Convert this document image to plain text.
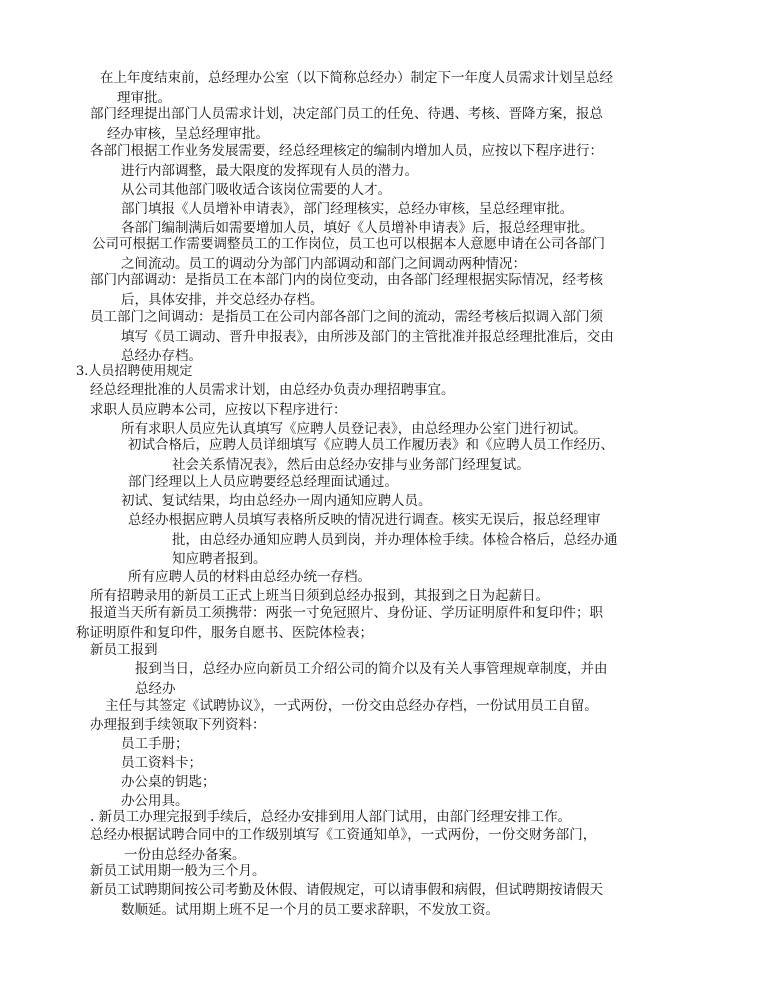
在上年度结束前，总经理办公室（以下简称总经办）制定下一年度人员需求计划呈总经
理审批。
部门经理提出部门人员需求计划，决定部门员工的任免、待遇、考核、晋降方案，报总
经办审核，呈总经理审批。
各部门根据工作业务发展需要，经总经理核定的编制内增加人员，应按以下程序进行：
进行内部调整，最大限度的发挥现有人员的潜力。
从公司其他部门吸收适合该岗位需要的人才。
部门填报《人员增补申请表》，部门经理核实，总经办审核，呈总经理审批。
各部门编制满后如需要增加人员，填好《人员增补申请表》后，报总经理审批。
公司可根据工作需要调整员工的工作岗位，员工也可以根据本人意愿申请在公司各部门
之间流动。员工的调动分为部门内部调动和部门之间调动两种情况：
部门内部调动：是指员工在本部门内的岗位变动，由各部门经理根据实际情况，经考核
后，具体安排，并交总经办存档。
员工部门之间调动：是指员工在公司内部各部门之间的流动，需经考核后拟调入部门须
填写《员工调动、晋升申报表》，由所涉及部门的主管批准并报总经理批准后，交由
总经办存档。
3.人员招聘使用规定
经总经理批准的人员需求计划，由总经办负责办理招聘事宜。
求职人员应聘本公司，应按以下程序进行：
所有求职人员应先认真填写《应聘人员登记表》，由总经理办公室门进行初试。
初试合格后，应聘人员详细填写《应聘人员工作履历表》和《应聘人员工作经历、
社会关系情况表》，然后由总经办安排与业务部门经理复试。
部门经理以上人员应聘要经总经理面试通过。
初试、复试结果，均由总经办一周内通知应聘人员。
总经办根据应聘人员填写表格所反映的情况进行调查。核实无误后，报总经理审
批，由总经办通知应聘人员到岗，并办理体检手续。体检合格后，总经办通
知应聘者报到。
所有应聘人员的材料由总经办统一存档。
所有招聘录用的新员工正式上班当日须到总经办报到，其报到之日为起薪日。
报道当天所有新员工须携带：两张一寸免冠照片、身份证、学历证明原件和复印件；职
称证明原件和复印件，服务自愿书、医院体检表；
新员工报到
报到当日，总经办应向新员工介绍公司的简介以及有关人事管理规章制度，并由
总经办
主任与其签定《试聘协议》，一式两份，一份交由总经办存档，一份试用员工自留。
办理报到手续领取下列资料：
员工手册；
员工资料卡；
办公桌的钥匙；
办公用具。
. 新员工办理完报到手续后，总经办安排到用人部门试用，由部门经理安排工作。
总经办根据试聘合同中的工作级别填写《工资通知单》，一式两份，一份交财务部门，
一份由总经办备案。
新员工试用期一般为三个月。
新员工试聘期间按公司考勤及休假、请假规定，可以请事假和病假，但试聘期按请假天
数顺延。试用期上班不足一个月的员工要求辞职，不发放工资。
